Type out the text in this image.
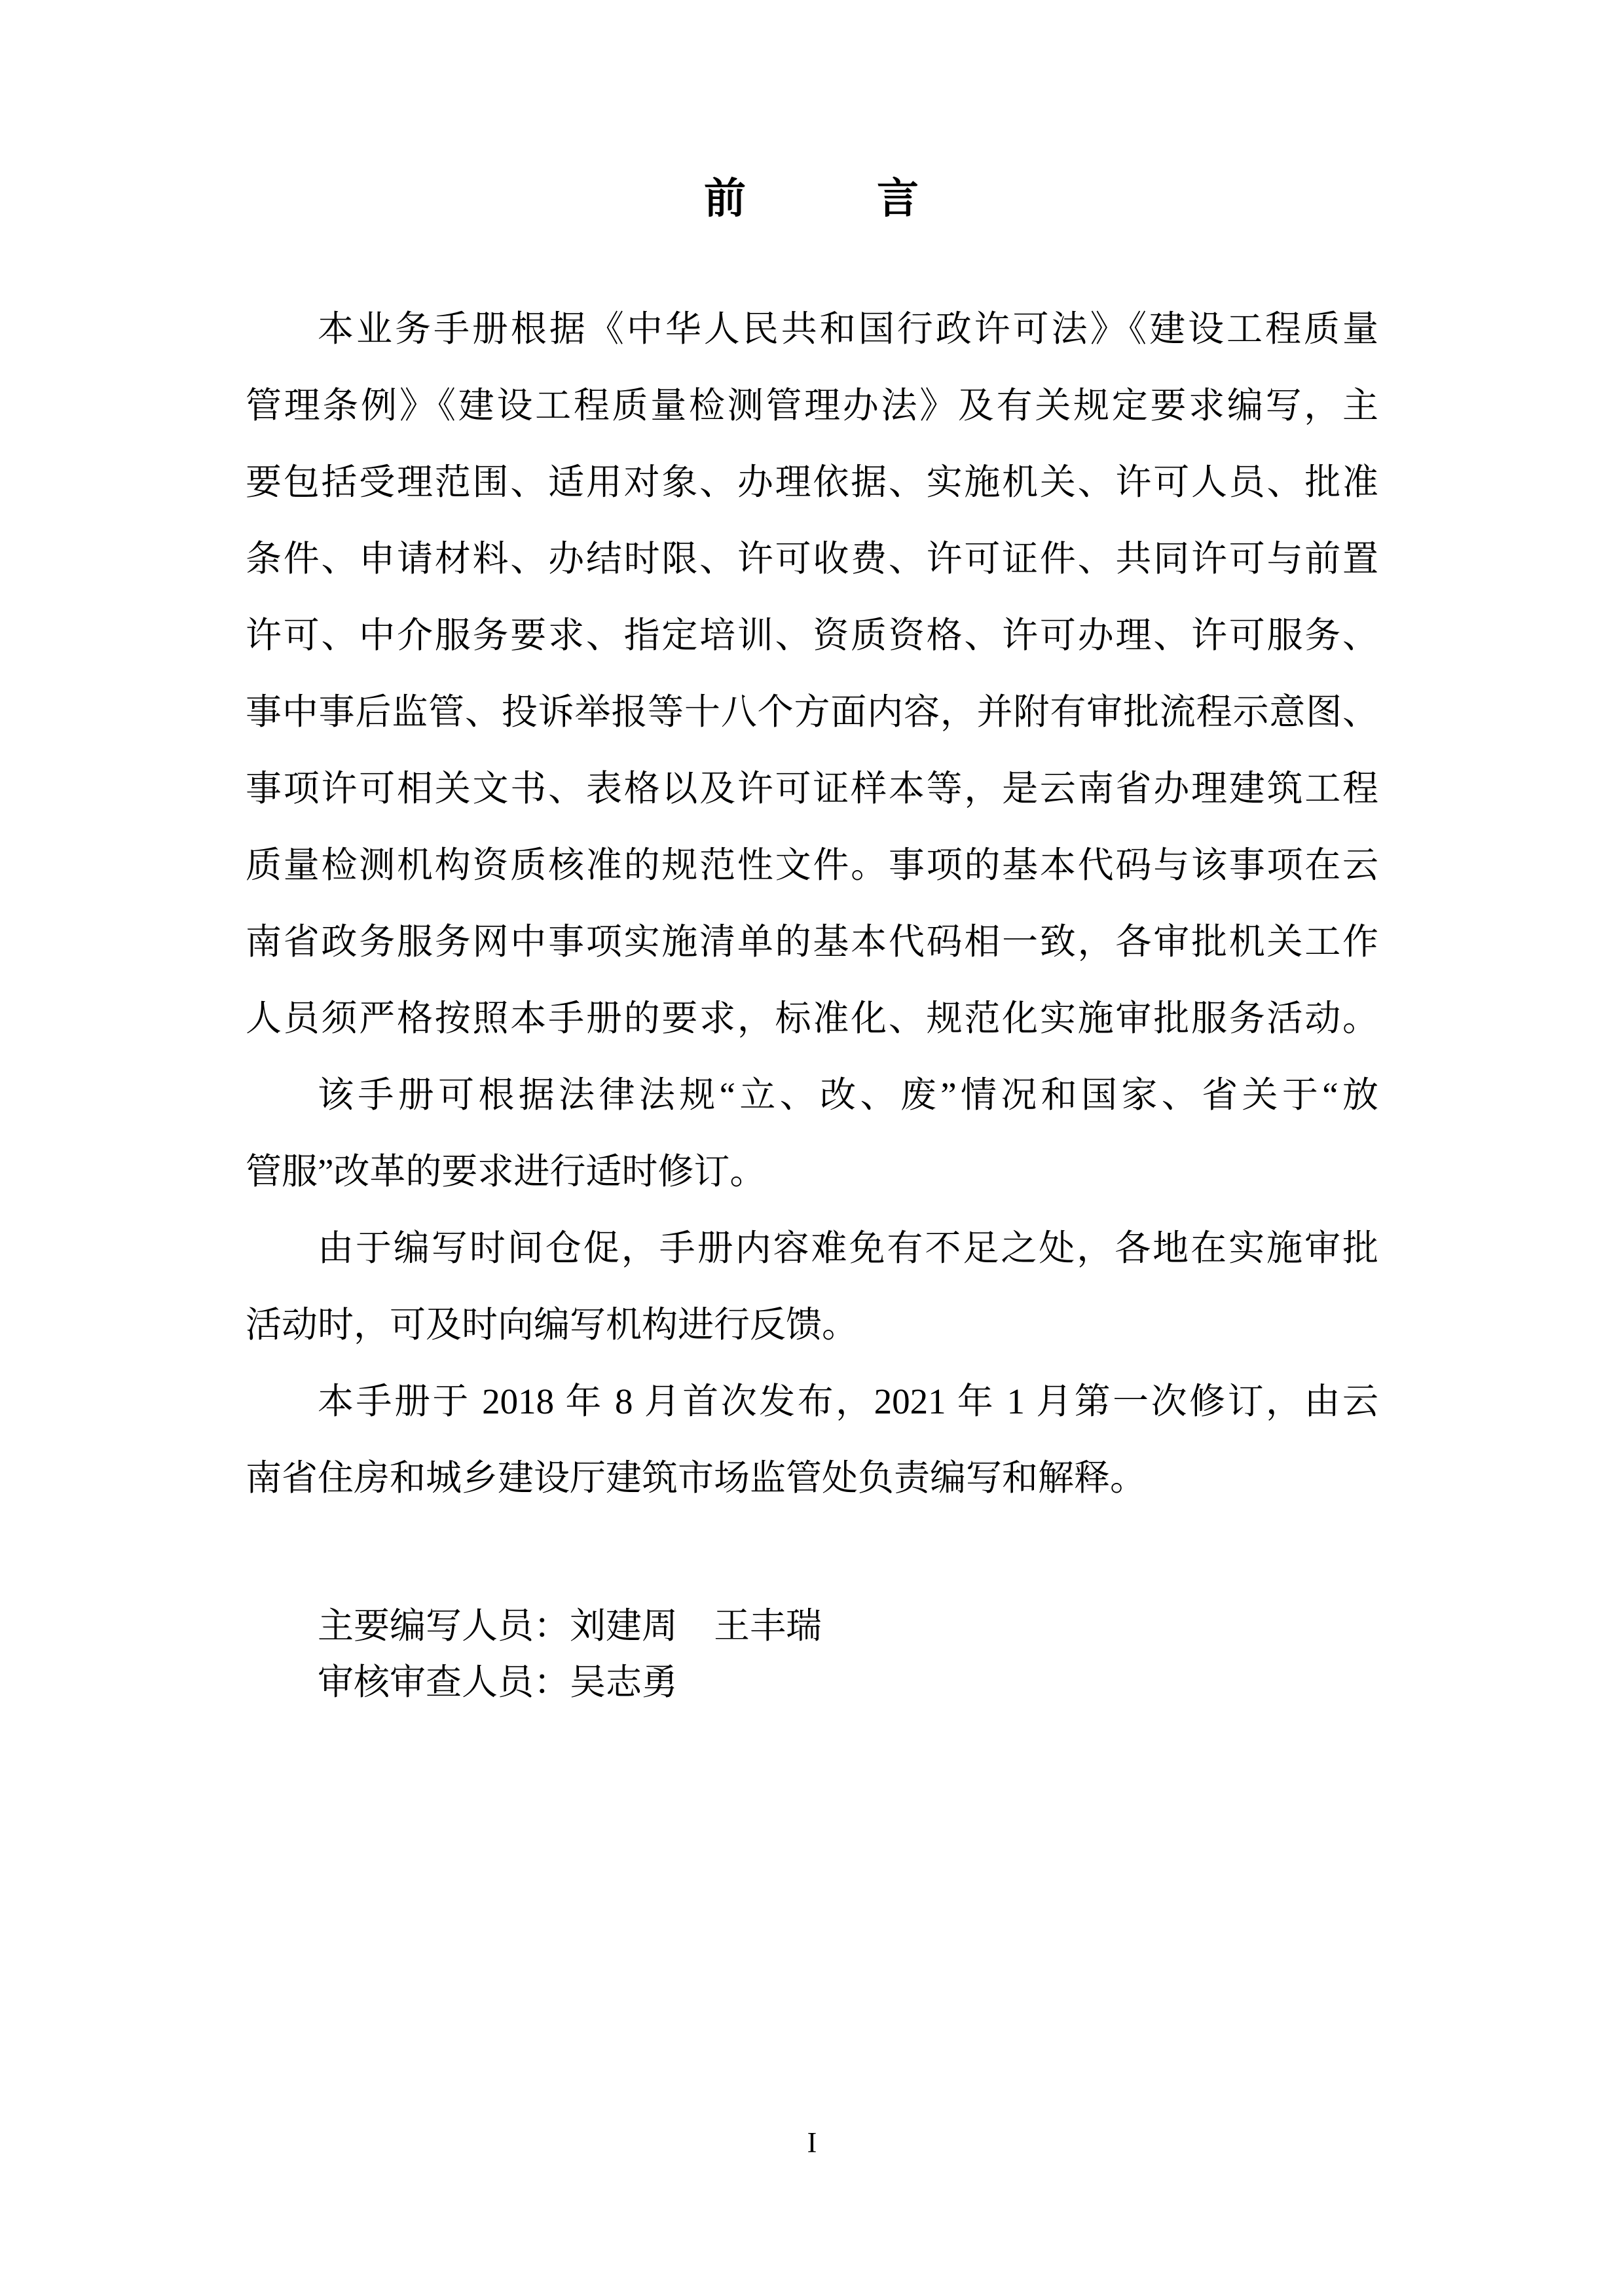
前　　　言
本业务手册根据《中华人民共和国行政许可法》《建设工程质量
管理条例》《建设工程质量检测管理办法》及有关规定要求编写，主
要包括受理范围、适用对象、办理依据、实施机关、许可人员、批准
条件、申请材料、办结时限、许可收费、许可证件、共同许可与前置
许可、中介服务要求、指定培训、资质资格、许可办理、许可服务、
事中事后监管、投诉举报等十八个方面内容，并附有审批流程示意图、
事项许可相关文书、表格以及许可证样本等，是云南省办理建筑工程
质量检测机构资质核准的规范性文件。事项的基本代码与该事项在云
南省政务服务网中事项实施清单的基本代码相一致，各审批机关工作
人员须严格按照本手册的要求，标准化、规范化实施审批服务活动。
该手册可根据法律法规“立、改、废”情况和国家、省关于“放
管服”改革的要求进行适时修订。
由于编写时间仓促，手册内容难免有不足之处，各地在实施审批
活动时，可及时向编写机构进行反馈。
本手册于 2018 年 8 月首次发布，2021 年 1 月第一次修订，由云
南省住房和城乡建设厅建筑市场监管处负责编写和解释。
主要编写人员：刘建周　王丰瑞
审核审查人员：吴志勇
I
